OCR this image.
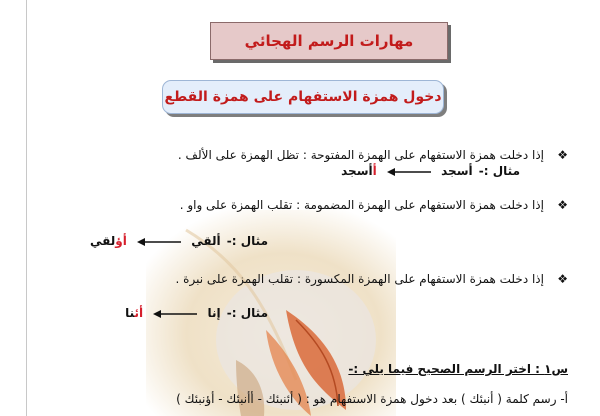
مهارات الرسم الهجائي
دخول همزة الاستفهام على همزة القطع
❖إذا دخلت همزة الاستفهام على الهمزة المفتوحة : تظل الهمزة على الألف .
مثال :- أسجد  أأسجد
❖إذا دخلت همزة الاستفهام على الهمزة المضمومة : تقلب الهمزة على واو .
مثال :- ألقي  أؤلقي
❖إذا دخلت همزة الاستفهام على الهمزة المكسورة : تقلب الهمزة على نبرة .
مثال :- إنا  أئنا
س١ : اختر الرسم الصحيح فيما يلي :-
أ- رسم كلمة ( أنبئك ) بعد دخول همزة الاستفهام هو : ( أئنبئك - أأنبئك - أؤنبئك )
